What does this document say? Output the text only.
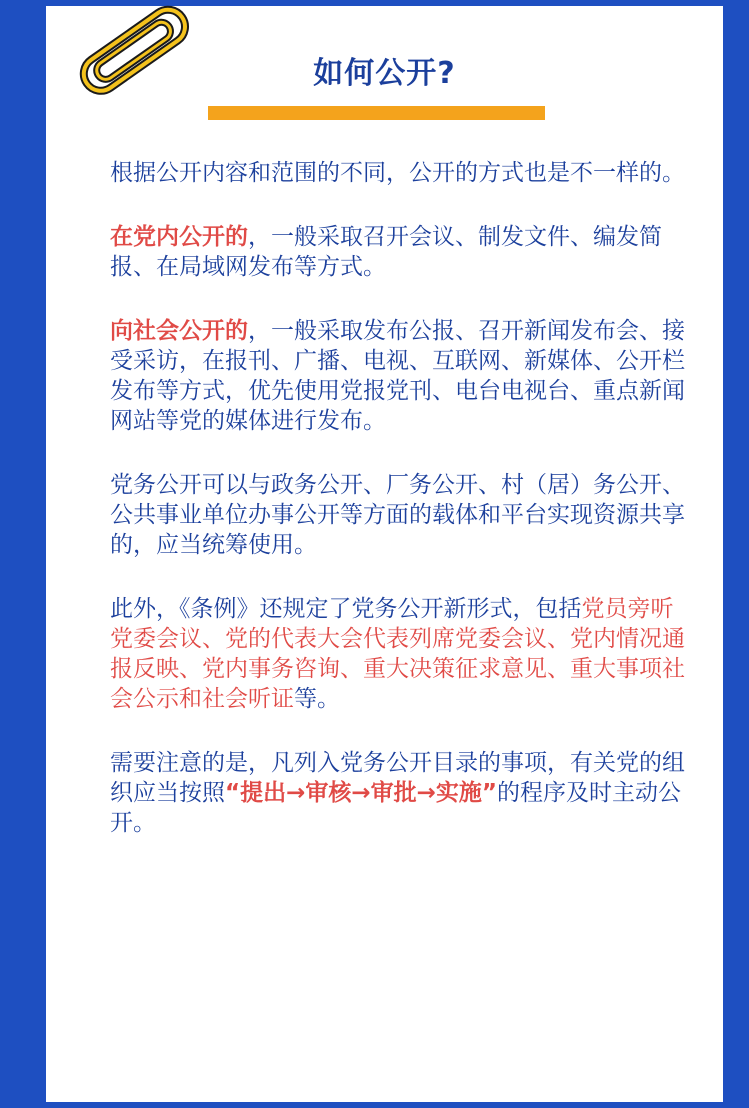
如何公开?

根据公开内容和范围的不同，公开的方式也是不一样的。

在党内公开的，一般采取召开会议、制发文件、编发简报、在局域网发布等方式。

向社会公开的，一般采取发布公报、召开新闻发布会、接受采访，在报刊、广播、电视、互联网、新媒体、公开栏发布等方式，优先使用党报党刊、电台电视台、重点新闻网站等党的媒体进行发布。

党务公开可以与政务公开、厂务公开、村（居）务公开、公共事业单位办事公开等方面的载体和平台实现资源共享的，应当统筹使用。

此外，《条例》还规定了党务公开新形式，包括党员旁听党委会议、党的代表大会代表列席党委会议、党内情况通报反映、党内事务咨询、重大决策征求意见、重大事项社会公示和社会听证等。

需要注意的是，凡列入党务公开目录的事项，有关党的组织应当按照“提出→审核→审批→实施”的程序及时主动公开。
